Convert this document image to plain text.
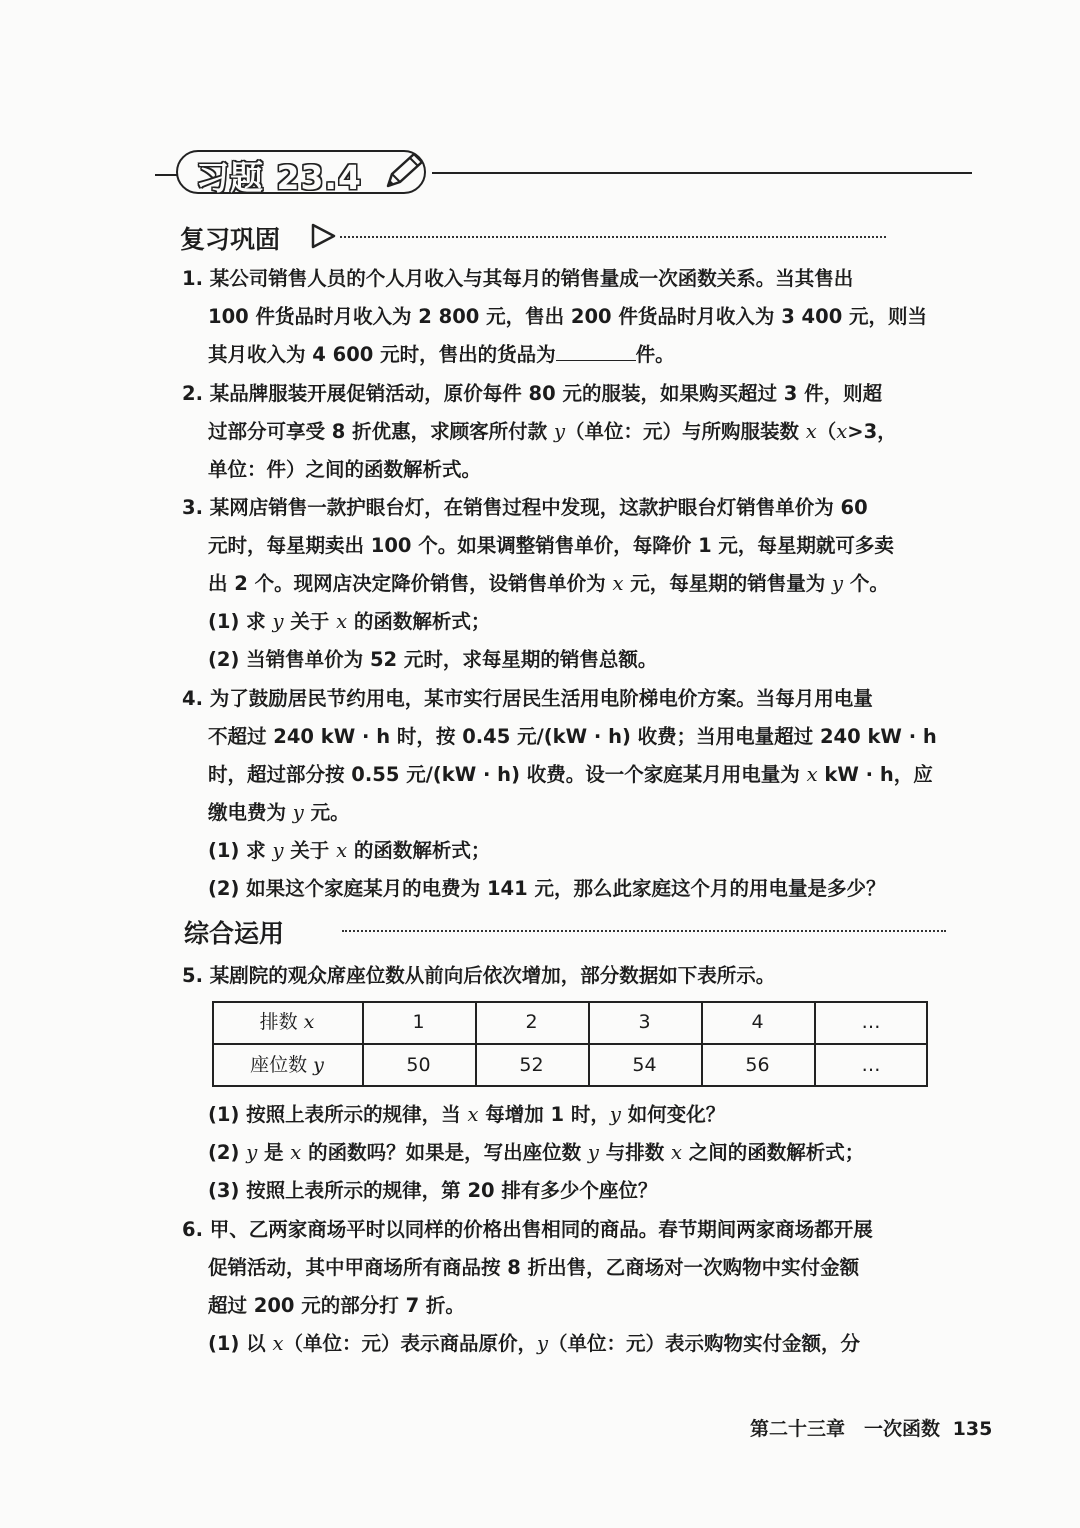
习题 23.4
复习巩固
1. 某公司销售人员的个人月收入与其每月的销售量成一次函数关系。当其售出
100 件货品时月收入为 2 800 元，售出 200 件货品时月收入为 3 400 元，则当
其月收入为 4 600 元时，售出的货品为	件。
2. 某品牌服装开展促销活动，原价每件 80 元的服装，如果购买超过 3 件，则超
过部分可享受 8 折优惠，求顾客所付款 y（单位：元）与所购服装数 x（x>3，
单位：件）之间的函数解析式。
3. 某网店销售一款护眼台灯，在销售过程中发现，这款护眼台灯销售单价为 60
元时，每星期卖出 100 个。如果调整销售单价，每降价 1 元，每星期就可多卖
出 2 个。现网店决定降价销售，设销售单价为 x 元，每星期的销售量为 y 个。
(1) 求 y 关于 x 的函数解析式；
(2) 当销售单价为 52 元时，求每星期的销售总额。
4. 为了鼓励居民节约用电，某市实行居民生活用电阶梯电价方案。当每月用电量
不超过 240 kW · h 时，按 0.45 元/(kW · h) 收费；当用电量超过 240 kW · h
时，超过部分按 0.55 元/(kW · h) 收费。设一个家庭某月用电量为 x kW · h，应
缴电费为 y 元。
(1) 求 y 关于 x 的函数解析式；
(2) 如果这个家庭某月的电费为 141 元，那么此家庭这个月的用电量是多少？
综合运用
5. 某剧院的观众席座位数从前向后依次增加，部分数据如下表所示。
排数 x	1	2	3	4	…
座位数 y	50	52	54	56	…
(1) 按照上表所示的规律，当 x 每增加 1 时，y 如何变化？
(2) y 是 x 的函数吗？如果是，写出座位数 y 与排数 x 之间的函数解析式；
(3) 按照上表所示的规律，第 20 排有多少个座位？
6. 甲、乙两家商场平时以同样的价格出售相同的商品。春节期间两家商场都开展
促销活动，其中甲商场所有商品按 8 折出售，乙商场对一次购物中实付金额
超过 200 元的部分打 7 折。
(1) 以 x（单位：元）表示商品原价，y（单位：元）表示购物实付金额，分
第二十三章　一次函数 135
